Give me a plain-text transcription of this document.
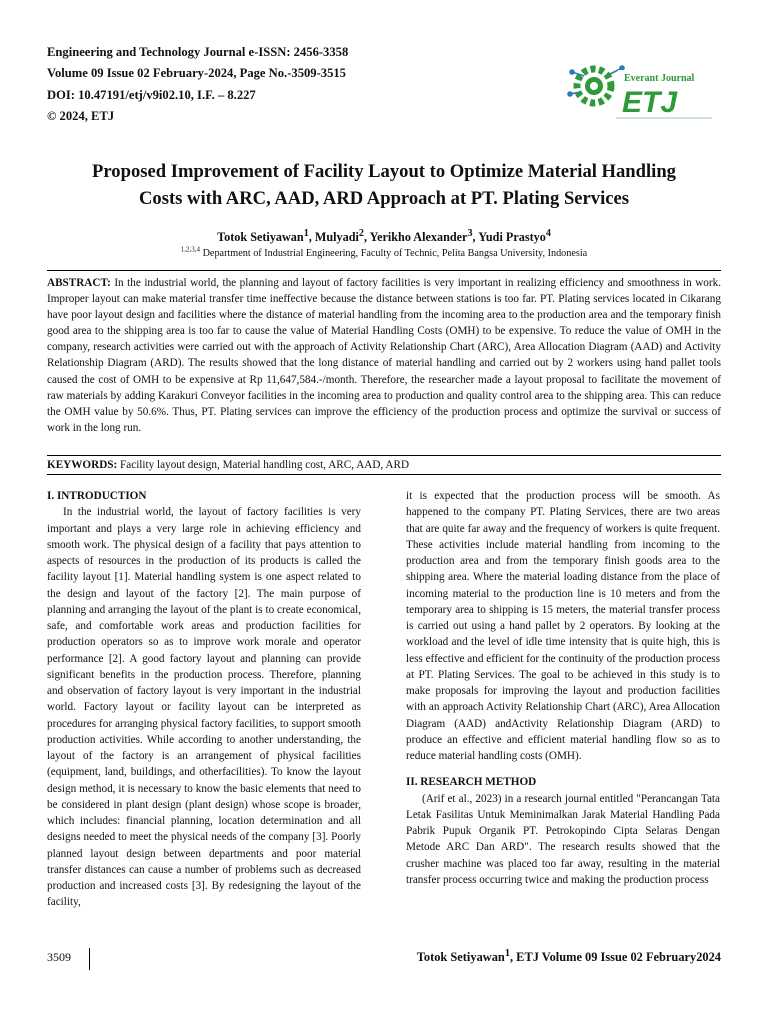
Engineering and Technology Journal e-ISSN: 2456-3358
Volume 09 Issue 02 February-2024, Page No.-3509-3515
DOI: 10.47191/etj/v9i02.10, I.F. – 8.227
© 2024, ETJ
Everant Journal
ETJ
Proposed Improvement of Facility Layout to Optimize Material Handling
Costs with ARC, AAD, ARD Approach at PT. Plating Services
Totok Setiyawan$^1$, Mulyadi$^2$, Yerikho Alexander$^3$, Yudi Prastyo$^4$
$^{1,2,3,4}$ Department of Industrial Engineering, Faculty of Technic, Pelita Bangsa University, Indonesia
ABSTRACT: In the industrial world, the planning and layout of factory facilities is very important in realizing efficiency and smoothness in work. Improper layout can make material transfer time ineffective because the distance between stations is too far. PT. Plating services located in Cikarang have poor layout design and facilities where the distance of material handling from the incoming area to the production area and the temporary finish good area to the shipping area is too far to cause the value of Material Handling Costs (OMH) to be expensive. To reduce the value of OMH in the company, research activities were carried out with the approach of Activity Relationship Chart (ARC), Area Allocation Diagram (AAD) and Activity Relationship Diagram (ARD). The results showed that the long distance of material handling and carried out by 2 workers using hand pallet tools caused the cost of OMH to be expensive at Rp 11,647,584.-/month. Therefore, the researcher made a layout proposal to facilitate the movement of raw materials by adding Karakuri Conveyor facilities in the incoming area to production and quality control area to the shipping area. This can reduce the OMH value by 50.6%. Thus, PT. Plating services can improve the efficiency of the production process and optimize the survival or success of work in the long run.
KEYWORDS: Facility layout design, Material handling cost, ARC, AAD, ARD

I. INTRODUCTION

In the industrial world, the layout of factory facilities is very important and plays a very large role in achieving efficiency and smooth work. The physical design of a facility that pays attention to aspects of resources in the production of its products is called the facility layout [1]. Material handling system is one aspect related to the design and layout of the factory [2]. The main purpose of planning and arranging the layout of the plant is to create economical, safe, and comfortable work areas and production facilities for production operators so as to improve work morale and operator performance [2]. A good factory layout and planning can provide significant benefits in the production process. Therefore, planning and observation of factory layout is very important in the industrial world. Factory layout or facility layout can be interpreted as procedures for arranging physical factory facilities, to support smooth production activities. While according to another understanding, the layout of the factory is an arrangement of physical facilities (equipment, land, buildings, and otherfacilities). To know the layout design method, it is necessary to know the basic elements that need to be considered in plant design (plant design) whose scope is broader, which includes: financial planning, location determination and all designs needed to meet the physical needs of the company [3]. Poorly planned layout design between departments and poor material transfer distances can cause a number of problems such as decreased production and increased costs [3]. By redesigning the layout of the facility,

it is expected that the production process will be smooth. As happened to the company PT. Plating Services, there are two areas that are quite far away and the frequency of workers is quite frequent. These activities include material handling from incoming to the production area and from the temporary finish goods area to the shipping area. Where the material loading distance from the place of incoming material to the production line is 10 meters and from the temporary area to shipping is 15 meters, the material transfer process is carried out using a hand pallet by 2 operators. By looking at the workload and the level of idle time intensity that is quite high, this is less effective and efficient for the continuity of the production process at PT. Plating Services. The goal to be achieved in this study is to make proposals for improving the layout and production facilities with an approach Activity Relationship Chart (ARC), Area Allocation Diagram (AAD) andActivity Relationship Diagram (ARD) to produce an effective and efficient material handling flow so as to reduce material handling costs (OMH).

II. RESEARCH METHOD

(Arif et al., 2023) in a research journal entitled "Perancangan Tata Letak Fasilitas Untuk Meminimalkan Jarak Material Handling Pada Pabrik Pupuk Organik PT. Petrokopindo Cipta Selaras Dengan Metode ARC Dan ARD". The research results showed that the crusher machine was placed too far away, resulting in the material transfer process occurring twice and making the production process

3509	Totok Setiyawan$^1$, ETJ Volume 09 Issue 02 February2024
